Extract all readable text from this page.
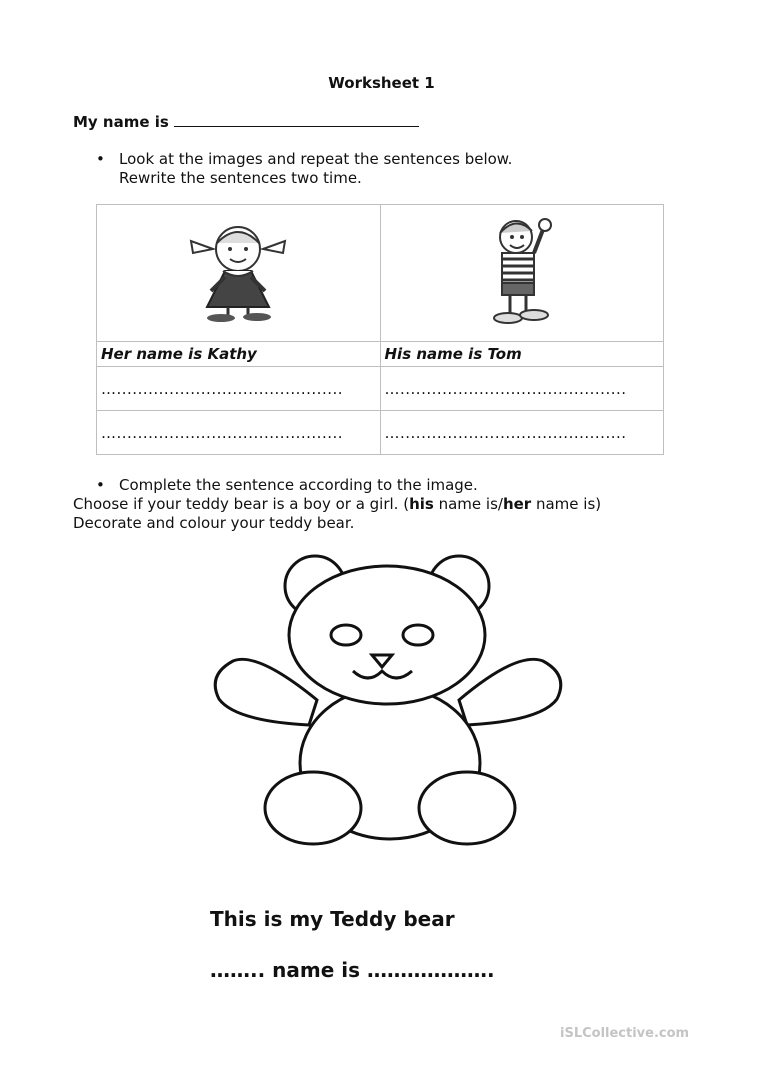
Worksheet 1
My name is
• Look at the images and repeat the sentences below.
Rewrite the sentences two time.

Her name is Kathy	His name is Tom
…...........................................	…...........................................
…...........................................	…...........................................
• Complete the sentence according to the image.
Choose if your teddy bear is a boy or a girl. (his name is/her name is)
Decorate and colour your teddy bear.
This is my Teddy bear
…….. name is ……………….
iSLCollective.com
